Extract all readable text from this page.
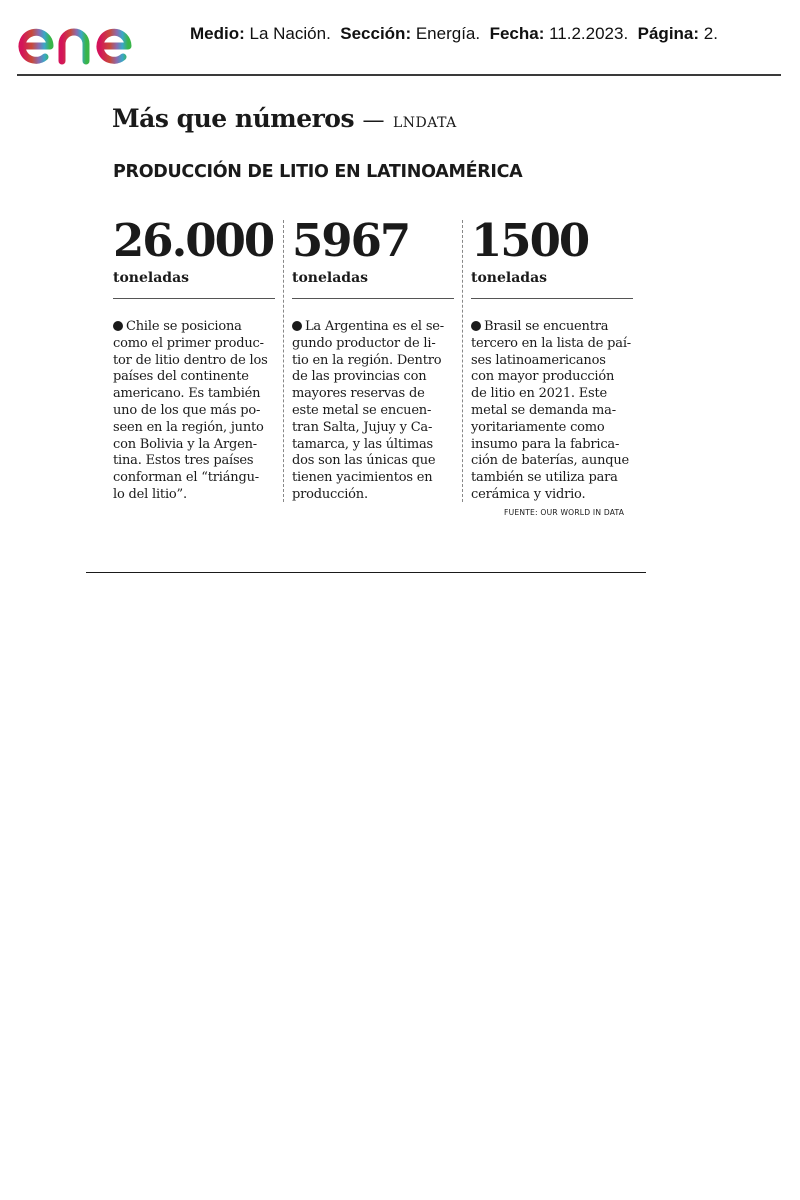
Medio: La Nación. Sección: Energía. Fecha: 11.2.2023. Página: 2.
Más que números — LNDATA
PRODUCCIÓN DE LITIO EN LATINOAMÉRICA
26.000
toneladas
Chile se posiciona
como el primer produc-
tor de litio dentro de los
países del continente
americano. Es también
uno de los que más po-
seen en la región, junto
con Bolivia y la Argen-
tina. Estos tres países
conforman el “triángu-
lo del litio”.
5967
toneladas
La Argentina es el se-
gundo productor de li-
tio en la región. Dentro
de las provincias con
mayores reservas de
este metal se encuen-
tran Salta, Jujuy y Ca-
tamarca, y las últimas
dos son las únicas que
tienen yacimientos en
producción.
1500
toneladas
Brasil se encuentra
tercero en la lista de paí-
ses latinoamericanos
con mayor producción
de litio en 2021. Este
metal se demanda ma-
yoritariamente como
insumo para la fabrica-
ción de baterías, aunque
también se utiliza para
cerámica y vidrio.
FUENTE: OUR WORLD IN DATA
